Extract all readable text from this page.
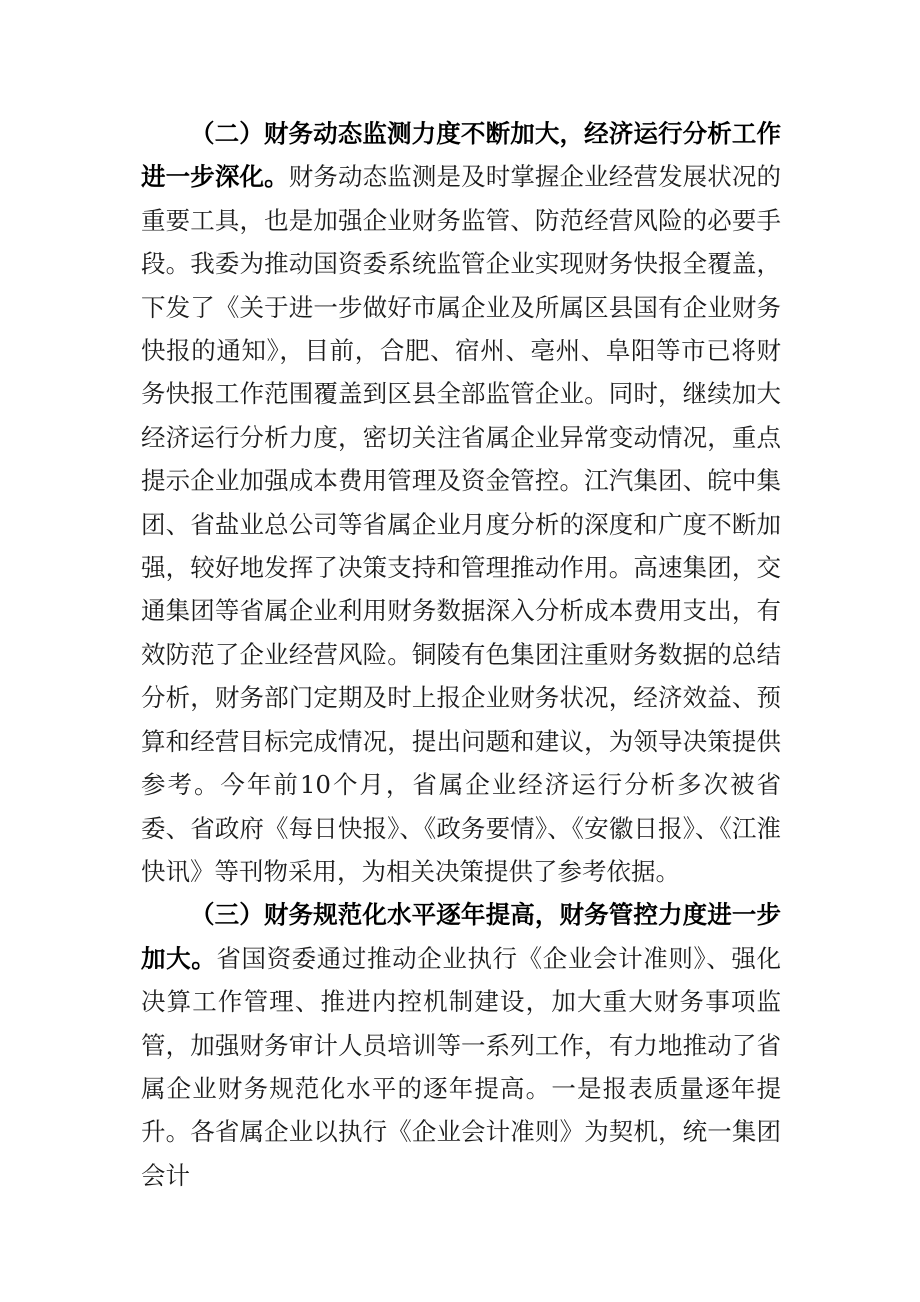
（二）财务动态监测力度不断加大，经济运行分析工作进一步深化。财务动态监测是及时掌握企业经营发展状况的重要工具，也是加强企业财务监管、防范经营风险的必要手段。我委为推动国资委系统监管企业实现财务快报全覆盖，下发了《关于进一步做好市属企业及所属区县国有企业财务快报的通知》，目前，合肥、宿州、亳州、阜阳等市已将财务快报工作范围覆盖到区县全部监管企业。同时，继续加大经济运行分析力度，密切关注省属企业异常变动情况，重点提示企业加强成本费用管理及资金管控。江汽集团、皖中集团、省盐业总公司等省属企业月度分析的深度和广度不断加强，较好地发挥了决策支持和管理推动作用。高速集团，交通集团等省属企业利用财务数据深入分析成本费用支出，有效防范了企业经营风险。铜陵有色集团注重财务数据的总结分析，财务部门定期及时上报企业财务状况，经济效益、预算和经营目标完成情况，提出问题和建议，为领导决策提供参考。今年前10个月，省属企业经济运行分析多次被省委、省政府《每日快报》、《政务要情》、《安徽日报》、《江淮快讯》等刊物采用，为相关决策提供了参考依据。

（三）财务规范化水平逐年提高，财务管控力度进一步加大。省国资委通过推动企业执行《企业会计准则》、强化决算工作管理、推进内控机制建设，加大重大财务事项监管，加强财务审计人员培训等一系列工作，有力地推动了省属企业财务规范化水平的逐年提高。一是报表质量逐年提升。各省属企业以执行《企业会计准则》为契机，统一集团会计
